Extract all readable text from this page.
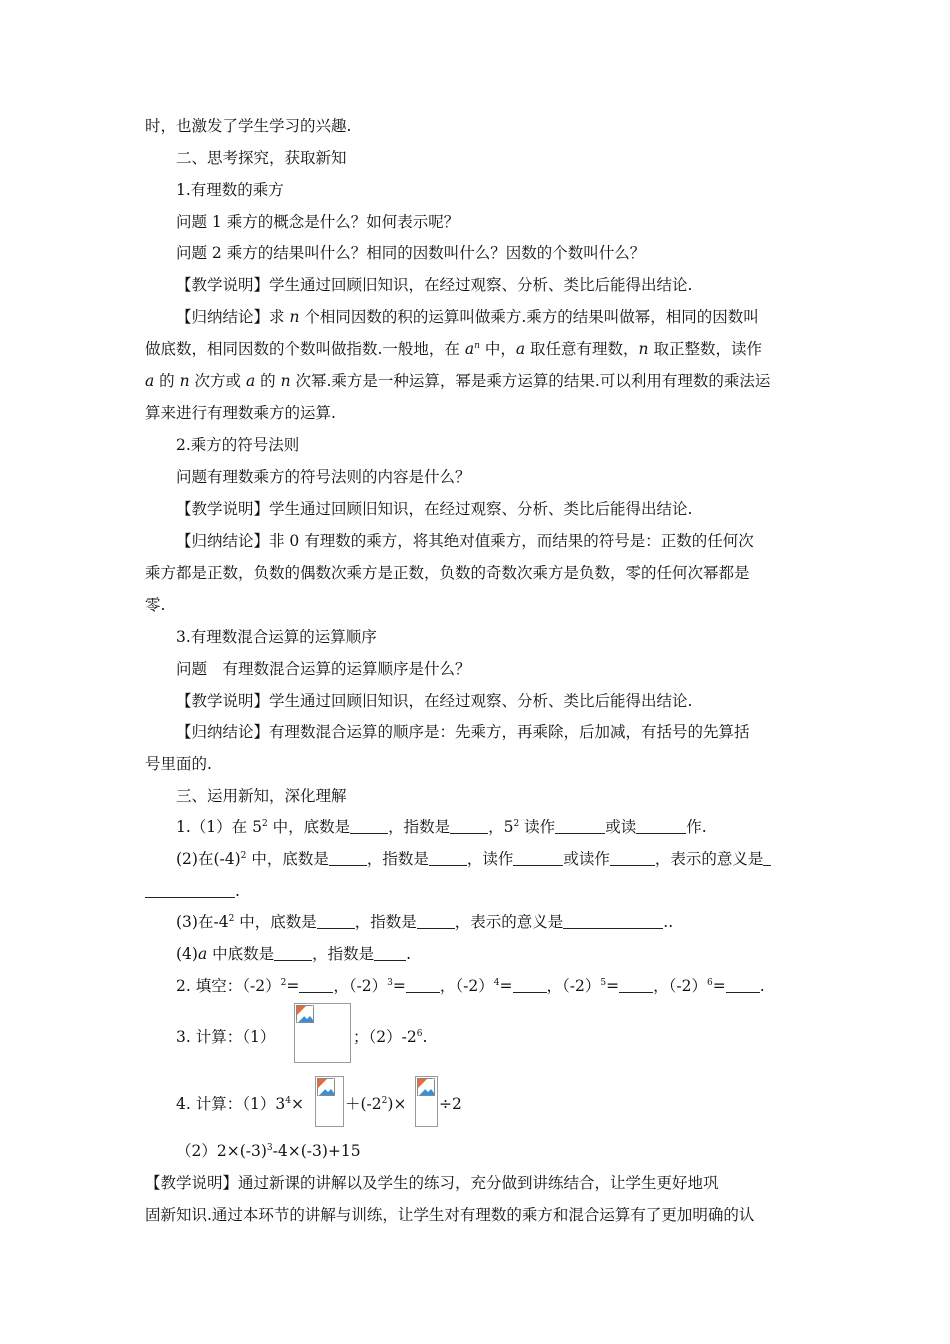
时，也激发了学生学习的兴趣.
二、思考探究，获取新知
1.有理数的乘方
问题 1 乘方的概念是什么？如何表示呢？
问题 2 乘方的结果叫什么？相同的因数叫什么？因数的个数叫什么？
【教学说明】学生通过回顾旧知识，在经过观察、分析、类比后能得出结论.
【归纳结论】求 n 个相同因数的积的运算叫做乘方.乘方的结果叫做幂，相同的因数叫
做底数，相同因数的个数叫做指数.一般地，在 $a^n$ 中，a 取任意有理数，n 取正整数，读作
a 的 n 次方或 a 的 n 次幂.乘方是一种运算，幂是乘方运算的结果.可以利用有理数的乘法运
算来进行有理数乘方的运算.
2.乘方的符号法则
问题有理数乘方的符号法则的内容是什么？
【教学说明】学生通过回顾旧知识，在经过观察、分析、类比后能得出结论.
【归纳结论】非 0 有理数的乘方，将其绝对值乘方，而结果的符号是：正数的任何次
乘方都是正数，负数的偶数次乘方是正数，负数的奇数次乘方是负数，零的任何次幂都是
零.
3.有理数混合运算的运算顺序
问题　有理数混合运算的运算顺序是什么？
【教学说明】学生通过回顾旧知识，在经过观察、分析、类比后能得出结论.
【归纳结论】有理数混合运算的顺序是：先乘方，再乘除，后加减，有括号的先算括
号里面的.
三、运用新知，深化理解
1.（1）在 $5^2$ 中，底数是 ，指数是 ，$5^2$ 读作	或读	作.
(2)在$(-4)^2$ 中，底数是 ，指数是 ，读作	或读作	，表示的意义是
.
(3)在$-4^2$ 中，底数是 ，指数是 ，表示的意义是	..
(4)a 中底数是 ，指数是 .
2. 填空：$(-2)^2=$ ，$(-2)^3=$ ，$(-2)^4=$ ，$(-2)^5=$ ，$(-2)^6=$ .
3. 计算：（1）	；$(2)-2^6$.
4. 计算：$(1)3^4\times$	$+(-2^2)\times \div 2$
$(2)2\times(-3)^3-4\times(-3)+15$
【教学说明】通过新课的讲解以及学生的练习，充分做到讲练结合，让学生更好地巩
固新知识.通过本环节的讲解与训练，让学生对有理数的乘方和混合运算有了更加明确的认
